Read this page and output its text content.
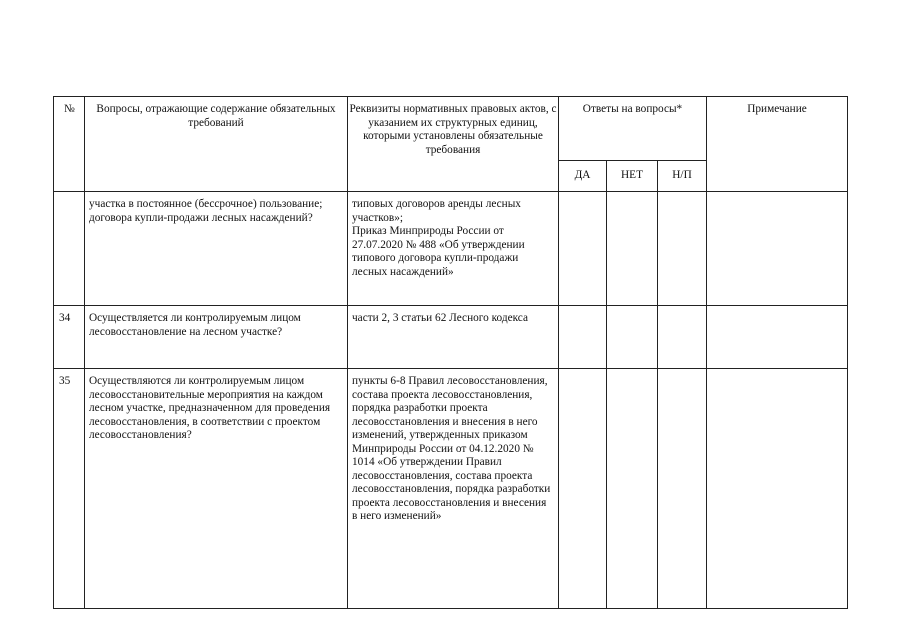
№	Вопросы, отражающие содержание обязательных требований	Реквизиты нормативных правовых актов, с указанием их структурных единиц, которыми установлены обязательные требования	Ответы на вопросы*			Примечание
			ДА	НЕТ	Н/П	
	участка в постоянное (бессрочное) пользование; договора купли-продажи лесных насаждений?	типовых договоров аренды лесных участков»;
Приказ Минприроды России от 27.07.2020 № 488 «Об утверждении типового договора купли-продажи лесных насаждений»				
34	Осуществляется ли контролируемым лицом лесовосстановление на лесном участке?	части 2, 3 статьи 62 Лесного кодекса				
35	Осуществляются ли контролируемым лицом лесовосстановительные мероприятия на каждом лесном участке, предназначенном для проведения лесовосстановления, в соответствии с проектом лесовосстановления?	пункты 6-8 Правил лесовосстановления, состава проекта лесовосстановления, порядка разработки проекта лесовосстановления и внесения в него изменений, утвержденных приказом Минприроды России от 04.12.2020 № 1014 «Об утверждении Правил лесовосстановления, состава проекта лесовосстановления, порядка разработки проекта лесовосстановления и внесения в него изменений»				
